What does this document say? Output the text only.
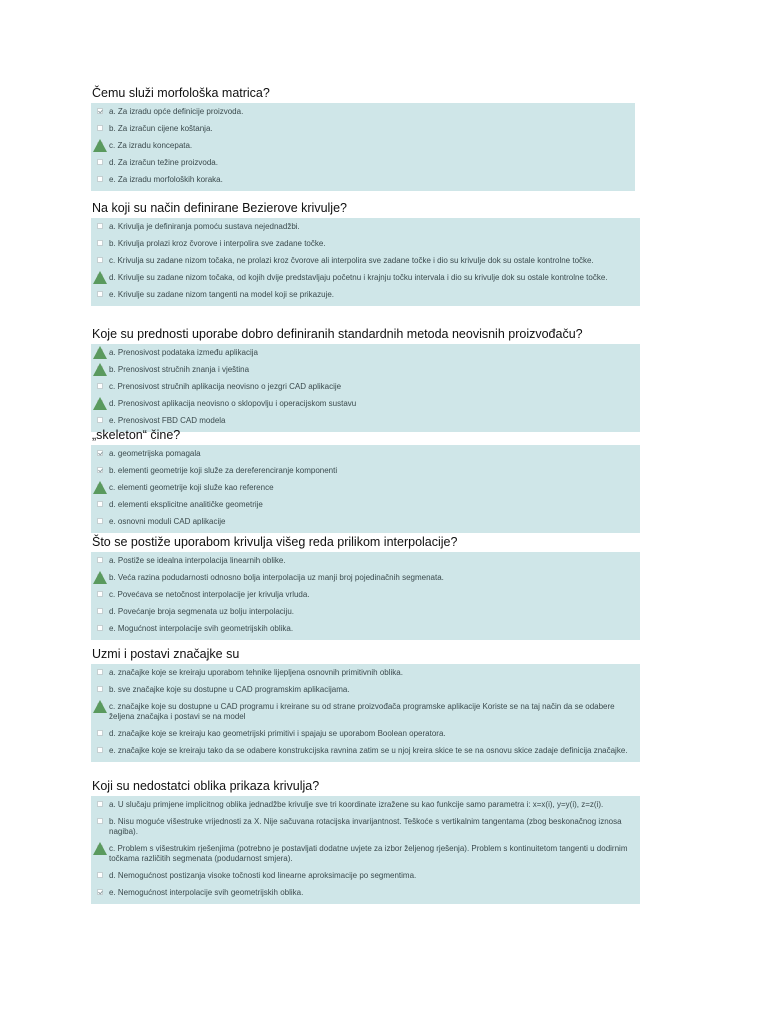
Čemu služi morfološka matrica?
a. Za izradu opće definicije proizvoda.
b. Za izračun cijene koštanja.
c. Za izradu koncepata.
d. Za izračun težine proizvoda.
e. Za izradu morfoloških koraka.
Na koji su način definirane Bezierove krivulje?
a. Krivulja je definiranja pomoću sustava nejednadžbi.
b. Krivulja prolazi kroz čvorove i interpolira sve zadane točke.
c. Krivulja su zadane nizom točaka, ne prolazi kroz čvorove ali interpolira sve zadane točke i dio su krivulje dok su ostale kontrolne točke.
d. Krivulje su zadane nizom točaka, od kojih dvije predstavljaju početnu i krajnju točku intervala i dio su krivulje dok su ostale kontrolne točke.
e. Krivulje su zadane nizom tangenti na model koji se prikazuje.
Koje su prednosti uporabe dobro definiranih standardnih metoda neovisnih proizvođaču?
a. Prenosivost podataka između aplikacija
b. Prenosivost stručnih znanja i vještina
c. Prenosivost stručnih aplikacija neovisno o jezgri CAD aplikacije
d. Prenosivost aplikacija neovisno o sklopovlju i operacijskom sustavu
e. Prenosivost FBD CAD modela
„skeleton“ čine?
a. geometrijska pomagala
b. elementi geometrije koji služe za dereferenciranje komponenti
c. elementi geometrije koji služe kao reference
d. elementi eksplicitne analitičke geometrije
e. osnovni moduli CAD aplikacije
Što se postiže uporabom krivulja višeg reda prilikom interpolacije?
a. Postiže se idealna interpolacija linearnih oblike.
b. Veća razina podudarnosti odnosno bolja interpolacija uz manji broj pojedinačnih segmenata.
c. Povećava se netočnost interpolacije jer krivulja vrluda.
d. Povećanje broja segmenata uz bolju interpolaciju.
e. Mogućnost interpolacije svih geometrijskih oblika.
Uzmi i postavi značajke su
a. značajke koje se kreiraju uporabom tehnike lijepljena osnovnih primitivnih oblika.
b. sve značajke koje su dostupne u CAD programskim aplikacijama.
c. značajke koje su dostupne u CAD programu i kreirane su od strane proizvođača programske aplikacije Koriste se na taj način da se odabere željena značajka i postavi se na model
d. značajke koje se kreiraju kao geometrijski primitivi i spajaju se uporabom Boolean operatora.
e. značajke koje se kreiraju tako da se odabere konstrukcijska ravnina zatim se u njoj kreira skice te se na osnovu skice zadaje definicija značajke.
Koji su nedostatci oblika prikaza krivulja?
a. U slučaju primjene implicitnog oblika jednadžbe krivulje sve tri koordinate izražene su kao funkcije samo parametra i: x=x(i), y=y(i), z=z(i).
b. Nisu moguće višestruke vrijednosti za X. Nije sačuvana rotacijska invarijantnost. Teškoće s vertikalnim tangentama (zbog beskonačnog iznosa nagiba).
c. Problem s višestrukim rješenjima (potrebno je postavljati dodatne uvjete za izbor željenog rješenja). Problem s kontinuitetom tangenti u dodirnim točkama različitih segmenata (podudarnost smjera).
d. Nemogućnost postizanja visoke točnosti kod linearne aproksimacije po segmentima.
e. Nemogućnost interpolacije svih geometrijskih oblika.
